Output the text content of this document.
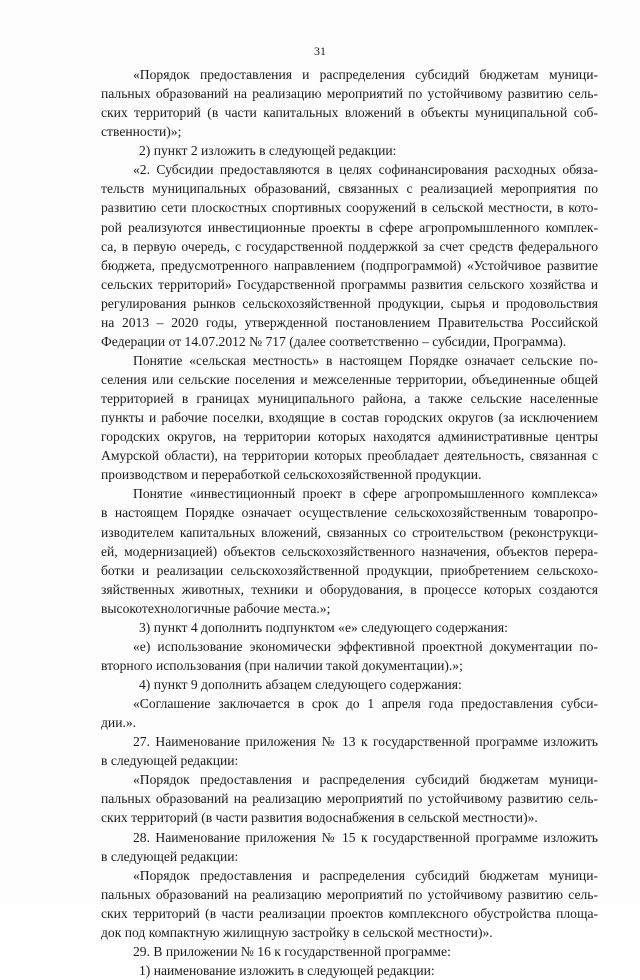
31
«Порядок предоставления и распределения субсидий бюджетам муници-
пальных образований на реализацию мероприятий по устойчивому развитию сель-
ских территорий (в части капитальных вложений в объекты муниципальной соб-
ственности)»;
2) пункт 2 изложить в следующей редакции:
«2. Субсидии предоставляются в целях софинансирования расходных обяза-
тельств муниципальных образований, связанных с реализацией мероприятия по
развитию сети плоскостных спортивных сооружений в сельской местности, в кото-
рой реализуются инвестиционные проекты в сфере агропромышленного комплек-
са, в первую очередь, с государственной поддержкой за счет средств федерального
бюджета, предусмотренного направлением (подпрограммой) «Устойчивое развитие
сельских территорий» Государственной программы развития сельского хозяйства и
регулирования рынков сельскохозяйственной продукции, сырья и продовольствия
на 2013 – 2020 годы, утвержденной постановлением Правительства Российской
Федерации от 14.07.2012 № 717 (далее соответственно – субсидии, Программа).
Понятие «сельская местность» в настоящем Порядке означает сельские по-
селения или сельские поселения и межселенные территории, объединенные общей
территорией в границах муниципального района, а также сельские населенные
пункты и рабочие поселки, входящие в состав городских округов (за исключением
городских округов, на территории которых находятся административные центры
Амурской области), на территории которых преобладает деятельность, связанная с
производством и переработкой сельскохозяйственной продукции.
Понятие «инвестиционный проект в сфере агропромышленного комплекса»
в настоящем Порядке означает осуществление сельскохозяйственным товаропро-
изводителем капитальных вложений, связанных со строительством (реконструкци-
ей, модернизацией) объектов сельскохозяйственного назначения, объектов перера-
ботки и реализации сельскохозяйственной продукции, приобретением сельскохо-
зяйственных животных, техники и оборудования, в процессе которых создаются
высокотехнологичные рабочие места.»;
3) пункт 4 дополнить подпунктом «е» следующего содержания:
«е) использование экономически эффективной проектной документации по-
вторного использования (при наличии такой документации).»;
4) пункт 9 дополнить абзацем следующего содержания:
«Соглашение заключается в срок до 1 апреля года предоставления субси-
дии.».
27. Наименование приложения № 13 к государственной программе изложить
в следующей редакции:
«Порядок предоставления и распределения субсидий бюджетам муници-
пальных образований на реализацию мероприятий по устойчивому развитию сель-
ских территорий (в части развития водоснабжения в сельской местности)».
28. Наименование приложения № 15 к государственной программе изложить
в следующей редакции:
«Порядок предоставления и распределения субсидий бюджетам муници-
пальных образований на реализацию мероприятий по устойчивому развитию сель-
ских территорий (в части реализации проектов комплексного обустройства площа-
док под компактную жилищную застройку в сельской местности)».
29. В приложении № 16 к государственной программе:
1) наименование изложить в следующей редакции:
